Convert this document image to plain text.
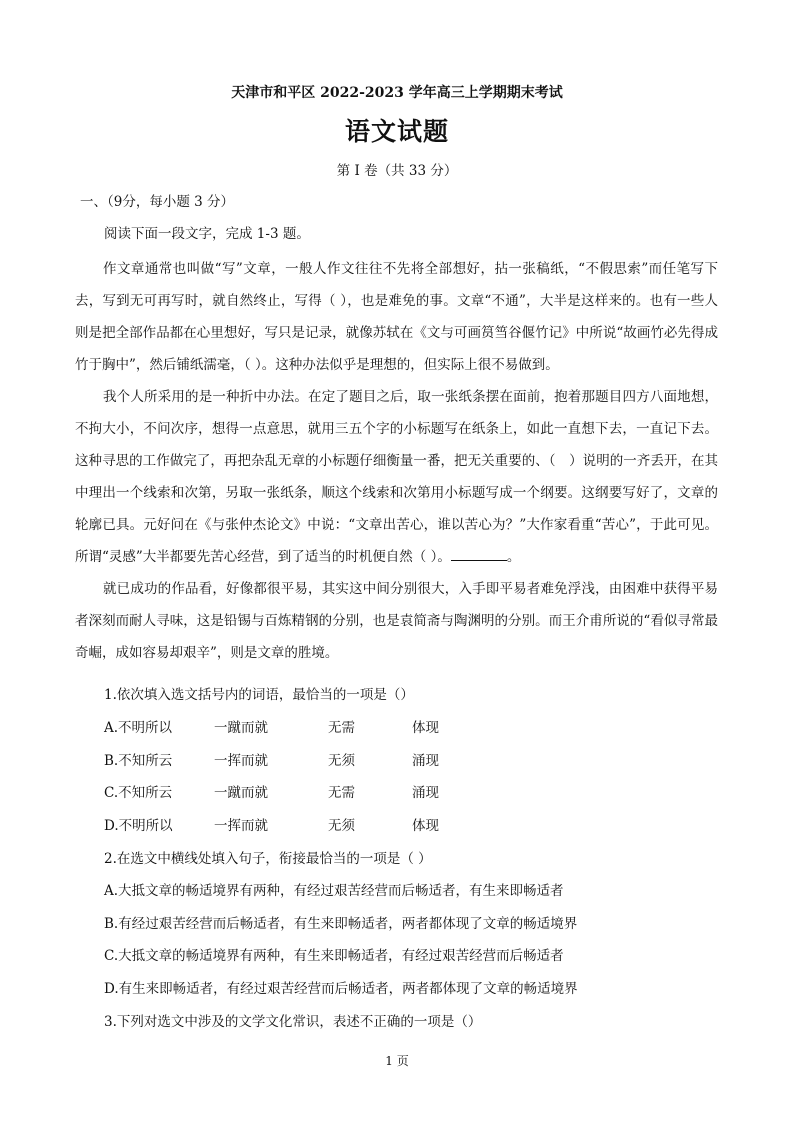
天津市和平区 2022-2023 学年高三上学期期末考试
语文试题
第 I 卷（共 33 分）
一、（9分，每小题 3 分）
阅读下面一段文字，完成 1-3 题。

作文章通常也叫做“写”文章，一般人作文往往不先将全部想好，拈一张稿纸，“不假思索”而任笔写下去，写到无可再写时，就自然终止，写得（ ），也是难免的事。文章“不通”，大半是这样来的。也有一些人则是把全部作品都在心里想好，写只是记录，就像苏轼在《文与可画筼筜谷偃竹记》中所说“故画竹必先得成竹于胸中”，然后铺纸濡毫，（ ）。这种办法似乎是理想的，但实际上很不易做到。

我个人所采用的是一种折中办法。在定了题目之后，取一张纸条摆在面前，抱着那题目四方八面地想，不拘大小，不问次序，想得一点意思，就用三五个字的小标题写在纸条上，如此一直想下去，一直记下去。这种寻思的工作做完了，再把杂乱无章的小标题仔细衡量一番，把无关重要的、（　）说明的一齐丢开，在其中理出一个线索和次第，另取一张纸条，顺这个线索和次第用小标题写成一个纲要。这纲要写好了，文章的轮廓已具。元好问在《与张仲杰论文》中说：“文章出苦心，谁以苦心为？”大作家看重“苦心”，于此可见。所谓“灵感”大半都要先苦心经营，到了适当的时机便自然（ ）。	。

就已成功的作品看，好像都很平易，其实这中间分别很大，入手即平易者难免浮浅，由困难中获得平易者深刻而耐人寻味，这是铅锡与百炼精钢的分别，也是袁简斋与陶渊明的分别。而王介甫所说的“看似寻常最奇崛，成如容易却艰辛”，则是文章的胜境。

1.依次填入选文括号内的词语，最恰当的一项是（）

A.不明所以	一蹴而就	无需	体现
B.不知所云	一挥而就	无须	涌现
C.不知所云	一蹴而就	无需	涌现
D.不明所以	一挥而就	无须	体现

2.在选文中横线处填入句子，衔接最恰当的一项是（ ）

A.大抵文章的畅适境界有两种，有经过艰苦经营而后畅适者，有生来即畅适者
B.有经过艰苦经营而后畅适者，有生来即畅适者，两者都体现了文章的畅适境界
C.大抵文章的畅适境界有两种，有生来即畅适者，有经过艰苦经营而后畅适者
D.有生来即畅适者，有经过艰苦经营而后畅适者，两者都体现了文章的畅适境界

3.下列对选文中涉及的文学文化常识，表述不正确的一项是（）

1 页
